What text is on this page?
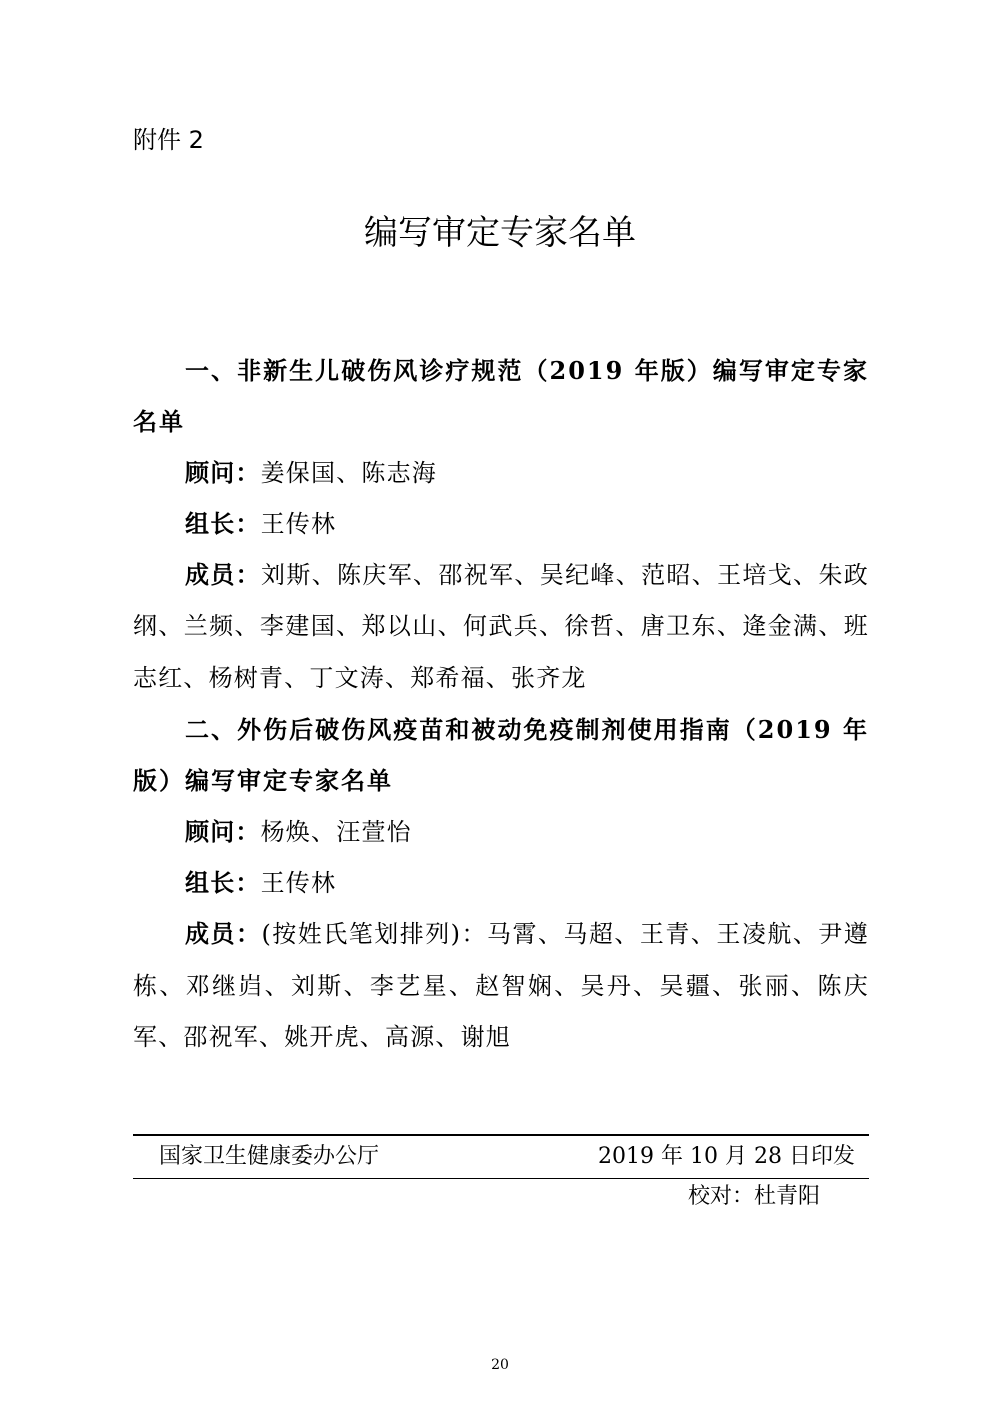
附件 2
编写审定专家名单

一、非新生儿破伤风诊疗规范（2019 年版）编写审定专家名单

顾问：姜保国、陈志海

组长：王传林

成员：刘斯、陈庆军、邵祝军、吴纪峰、范昭、王培戈、朱政纲、兰频、李建国、郑以山、何武兵、徐哲、唐卫东、逄金满、班志红、杨树青、丁文涛、郑希福、张齐龙

二、外伤后破伤风疫苗和被动免疫制剂使用指南（2019 年版）编写审定专家名单

顾问：杨焕、汪萱怡

组长：王传林

成员：(按姓氏笔划排列)：马霄、马超、王青、王凌航、尹遵栋、邓继岿、刘斯、李艺星、赵智娴、吴丹、吴疆、张丽、陈庆军、邵祝军、姚开虎、高源、谢旭

国家卫生健康委办公厅	2019 年 10 月 28 日印发
校对：杜青阳
20
